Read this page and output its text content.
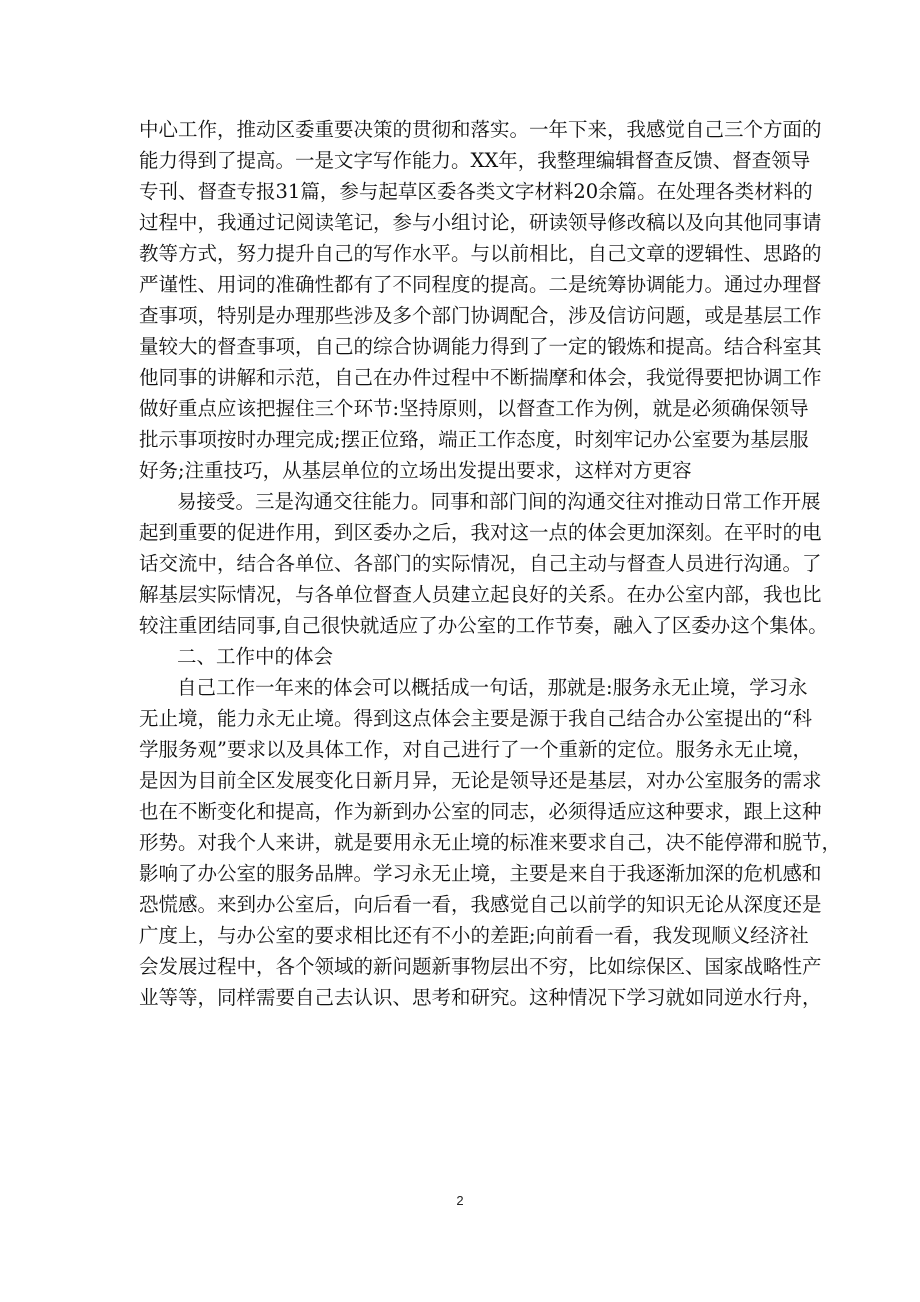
中心工作，推动区委重要决策的贯彻和落实。一年下来，我感觉自己三个方面的
能力得到了提高。一是文字写作能力。XX年，我整理编辑督查反馈、督查领导
专刊、督查专报31篇，参与起草区委各类文字材料20余篇。在处理各类材料的
过程中，我通过记阅读笔记，参与小组讨论，研读领导修改稿以及向其他同事请
教等方式，努力提升自己的写作水平。与以前相比，自己文章的逻辑性、思路的
严谨性、用词的准确性都有了不同程度的提高。二是统筹协调能力。通过办理督
查事项，特别是办理那些涉及多个部门协调配合，涉及信访问题，或是基层工作
量较大的督查事项，自己的综合协调能力得到了一定的锻炼和提高。结合科室其
他同事的讲解和示范，自己在办件过程中不断揣摩和体会，我觉得要把协调工作
做好重点应该把握住三个环节:坚持原则，以督查工作为例，就是必须确保领导
批示事项按时办理完成;摆正位臵，端正工作态度，时刻牢记办公室要为基层服
好务;注重技巧，从基层单位的立场出发提出要求，这样对方更容
易接受。三是沟通交往能力。同事和部门间的沟通交往对推动日常工作开展
起到重要的促进作用，到区委办之后，我对这一点的体会更加深刻。在平时的电
话交流中，结合各单位、各部门的实际情况，自己主动与督查人员进行沟通。了
解基层实际情况，与各单位督查人员建立起良好的关系。在办公室内部，我也比
较注重团结同事,自己很快就适应了办公室的工作节奏，融入了区委办这个集体。
二、工作中的体会
自己工作一年来的体会可以概括成一句话，那就是:服务永无止境，学习永
无止境，能力永无止境。得到这点体会主要是源于我自己结合办公室提出的“科
学服务观”要求以及具体工作，对自己进行了一个重新的定位。服务永无止境，
是因为目前全区发展变化日新月异，无论是领导还是基层，对办公室服务的需求
也在不断变化和提高，作为新到办公室的同志，必须得适应这种要求，跟上这种
形势。对我个人来讲，就是要用永无止境的标准来要求自己，决不能停滞和脱节，
影响了办公室的服务品牌。学习永无止境，主要是来自于我逐渐加深的危机感和
恐慌感。来到办公室后，向后看一看，我感觉自己以前学的知识无论从深度还是
广度上，与办公室的要求相比还有不小的差距;向前看一看，我发现顺义经济社
会发展过程中，各个领域的新问题新事物层出不穷，比如综保区、国家战略性产
业等等，同样需要自己去认识、思考和研究。这种情况下学习就如同逆水行舟，
2
